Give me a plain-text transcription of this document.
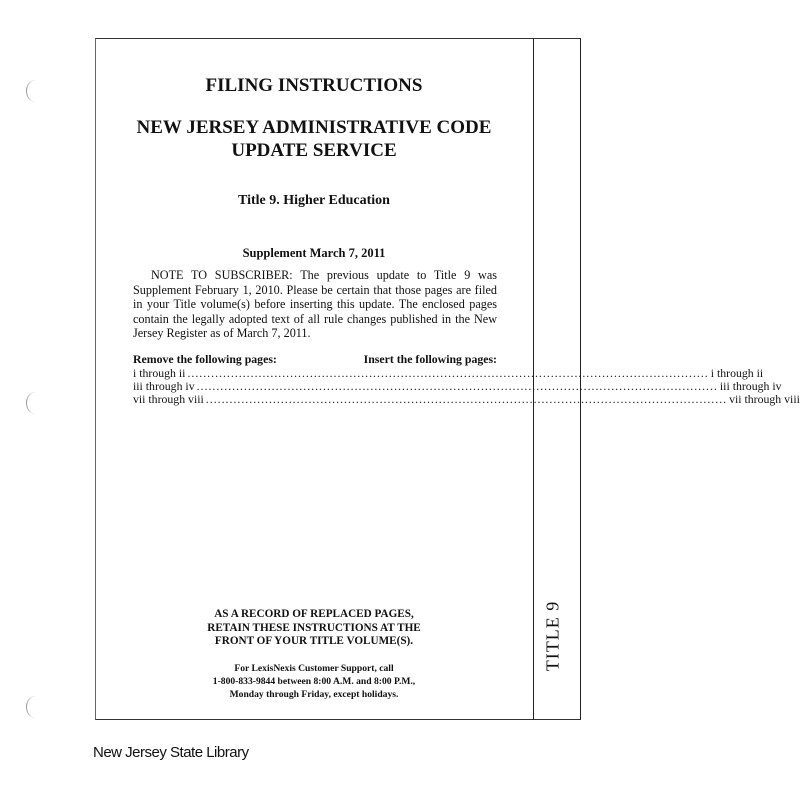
TITLE 9
FILING INSTRUCTIONS
NEW JERSEY ADMINISTRATIVE CODE
UPDATE SERVICE
Title 9. Higher Education
Supplement March 7, 2011
NOTE TO SUBSCRIBER: The previous update to Title 9 was Supplement February 1, 2010. Please be certain that those pages are filed in your Title volume(s) before inserting this update. The enclosed pages contain the legally adopted text of all rule changes published in the New Jersey Register as of March 7, 2011.
Remove the following pages:	Insert the following pages:
i through ii .................................................................................................................................... i through ii
iii through iv .................................................................................................................................... iii through iv
vii through viii .................................................................................................................................... vii through viii
AS A RECORD OF REPLACED PAGES,
RETAIN THESE INSTRUCTIONS AT THE
FRONT OF YOUR TITLE VOLUME(S).
For LexisNexis Customer Support, call
1-800-833-9844 between 8:00 A.M. and 8:00 P.M.,
Monday through Friday, except holidays.
New Jersey State Library
